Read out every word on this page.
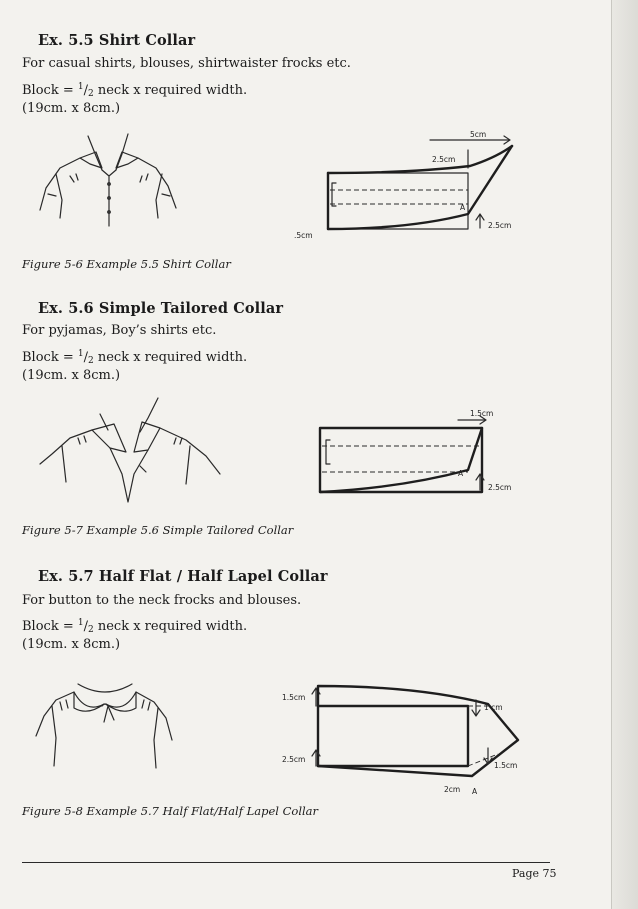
Ex. 5.5 Shirt Collar
For casual shirts, blouses, shirtwaister frocks etc.
Block = $^1/_2$ neck x required width.
(19cm. x 8cm.)
5cm
2.5cm
A
2.5cm
.5cm
Figure 5-6 Example 5.5 Shirt Collar
Ex. 5.6 Simple Tailored Collar
For pyjamas, Boy’s shirts etc.
Block = $^1/_2$ neck x required width.
(19cm. x 8cm.)
1.5cm
A
2.5cm
Figure 5-7 Example 5.6 Simple Tailored Collar
Ex. 5.7 Half Flat / Half Lapel Collar
For button to the neck frocks and blouses.
Block = $^1/_2$ neck x required width.
(19cm. x 8cm.)
1.5cm
1 cm
2.5cm
1.5cm
2cm A
Figure 5-8 Example 5.7 Half Flat/Half Lapel Collar
Page 75
